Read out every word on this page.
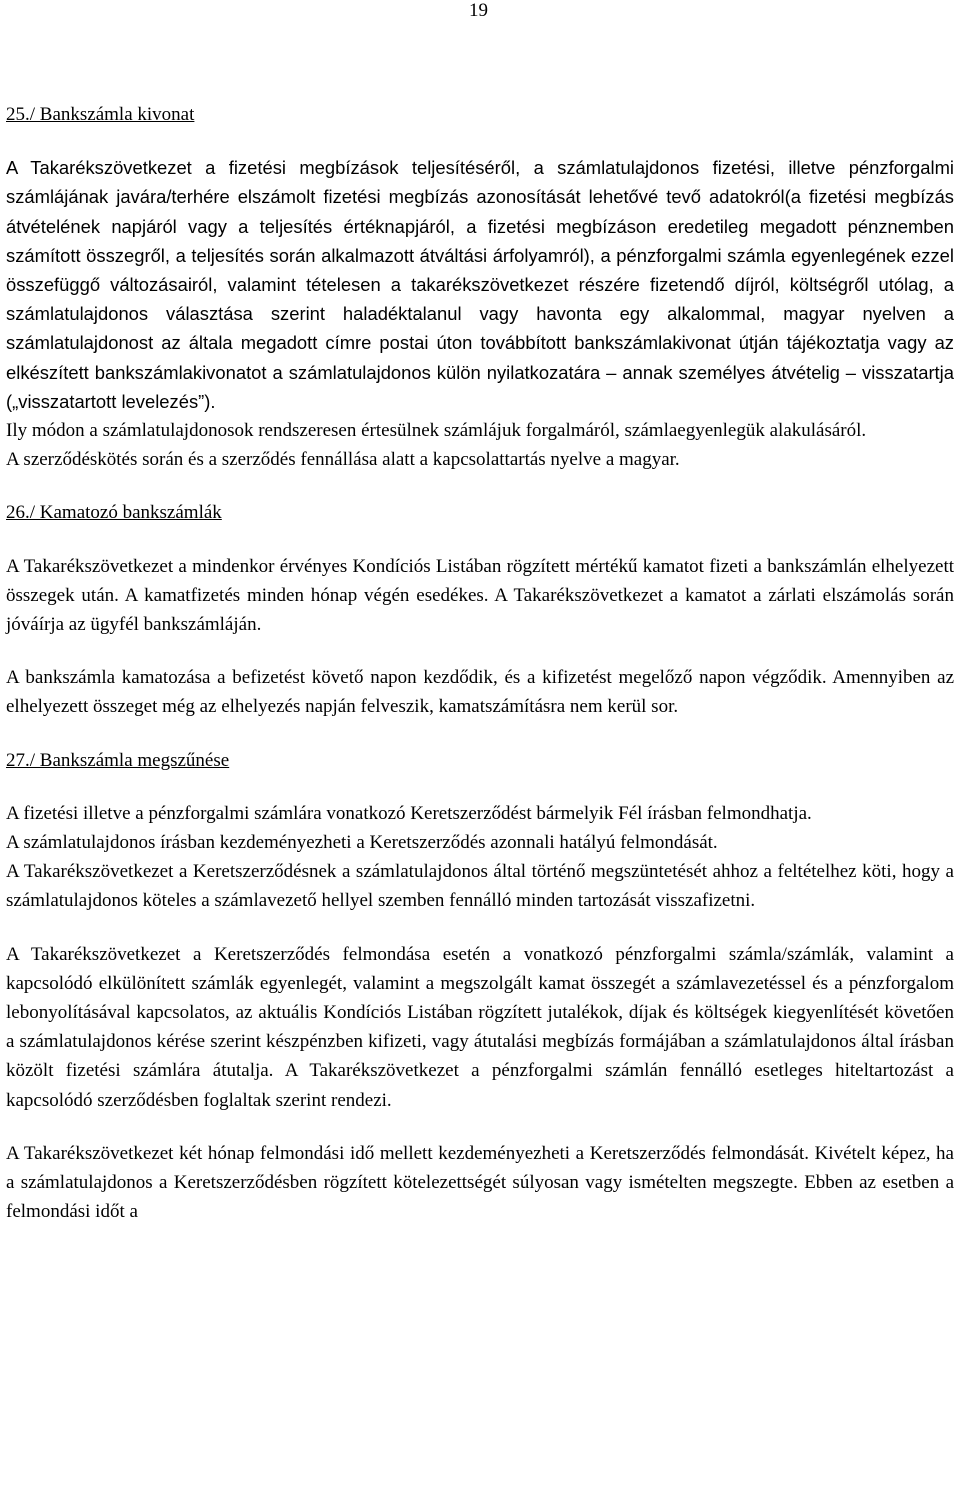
19
25./ Bankszámla kivonat

A Takarékszövetkezet a fizetési megbízások teljesítéséről, a számlatulajdonos fizetési, illetve pénzforgalmi számlájának javára/terhére elszámolt fizetési megbízás azonosítását lehetővé tevő adatokról(a fizetési megbízás átvételének napjáról vagy a teljesítés értéknapjáról, a fizetési megbízáson eredetileg megadott pénznemben számított összegről, a teljesítés során alkalmazott átváltási árfolyamról), a pénzforgalmi számla egyenlegének ezzel összefüggő változásairól, valamint tételesen a takarékszövetkezet részére fizetendő díjról, költségről utólag, a számlatulajdonos választása szerint haladéktalanul vagy havonta egy alkalommal, magyar nyelven a számlatulajdonost az általa megadott címre postai úton továbbított bankszámlakivonat útján tájékoztatja vagy az elkészített bankszámlakivonatot a számlatulajdonos külön nyilatkozatára – annak személyes átvételig – visszatartja („visszatartott levelezés”).

Ily módon a számlatulajdonosok rendszeresen értesülnek számlájuk forgalmáról, számlaegyenlegük alakulásáról.

A szerződéskötés során és a szerződés fennállása alatt a kapcsolattartás nyelve a magyar.

26./ Kamatozó bankszámlák

A Takarékszövetkezet a mindenkor érvényes Kondíciós Listában rögzített mértékű kamatot fizeti a bankszámlán elhelyezett összegek után. A kamatfizetés minden hónap végén esedékes. A Takarékszövetkezet a kamatot a zárlati elszámolás során jóváírja az ügyfél bankszámláján.

A bankszámla kamatozása a befizetést követő napon kezdődik, és a kifizetést megelőző napon végződik. Amennyiben az elhelyezett összeget még az elhelyezés napján felveszik, kamatszámításra nem kerül sor.

27./ Bankszámla megszűnése

A fizetési illetve a pénzforgalmi számlára vonatkozó Keretszerződést bármelyik Fél írásban felmondhatja.

A számlatulajdonos írásban kezdeményezheti a Keretszerződés azonnali hatályú felmondását.

A Takarékszövetkezet a Keretszerződésnek a számlatulajdonos által történő megszüntetését ahhoz a feltételhez köti, hogy a számlatulajdonos köteles a számlavezető hellyel szemben fennálló minden tartozását visszafizetni.

A Takarékszövetkezet a Keretszerződés felmondása esetén a vonatkozó pénzforgalmi számla/számlák, valamint a kapcsolódó elkülönített számlák egyenlegét, valamint a megszolgált kamat összegét a számlavezetéssel és a pénzforgalom lebonyolításával kapcsolatos, az aktuális Kondíciós Listában rögzített jutalékok, díjak és költségek kiegyenlítését követően a számlatulajdonos kérése szerint készpénzben kifizeti, vagy átutalási megbízás formájában a számlatulajdonos által írásban közölt fizetési számlára átutalja. A Takarékszövetkezet a pénzforgalmi számlán fennálló esetleges hiteltartozást a kapcsolódó szerződésben foglaltak szerint rendezi.

A Takarékszövetkezet két hónap felmondási idő mellett kezdeményezheti a Keretszerződés felmondását. Kivételt képez, ha a számlatulajdonos a Keretszerződésben rögzített kötelezettségét súlyosan vagy ismételten megszegte. Ebben az esetben a felmondási időt a
